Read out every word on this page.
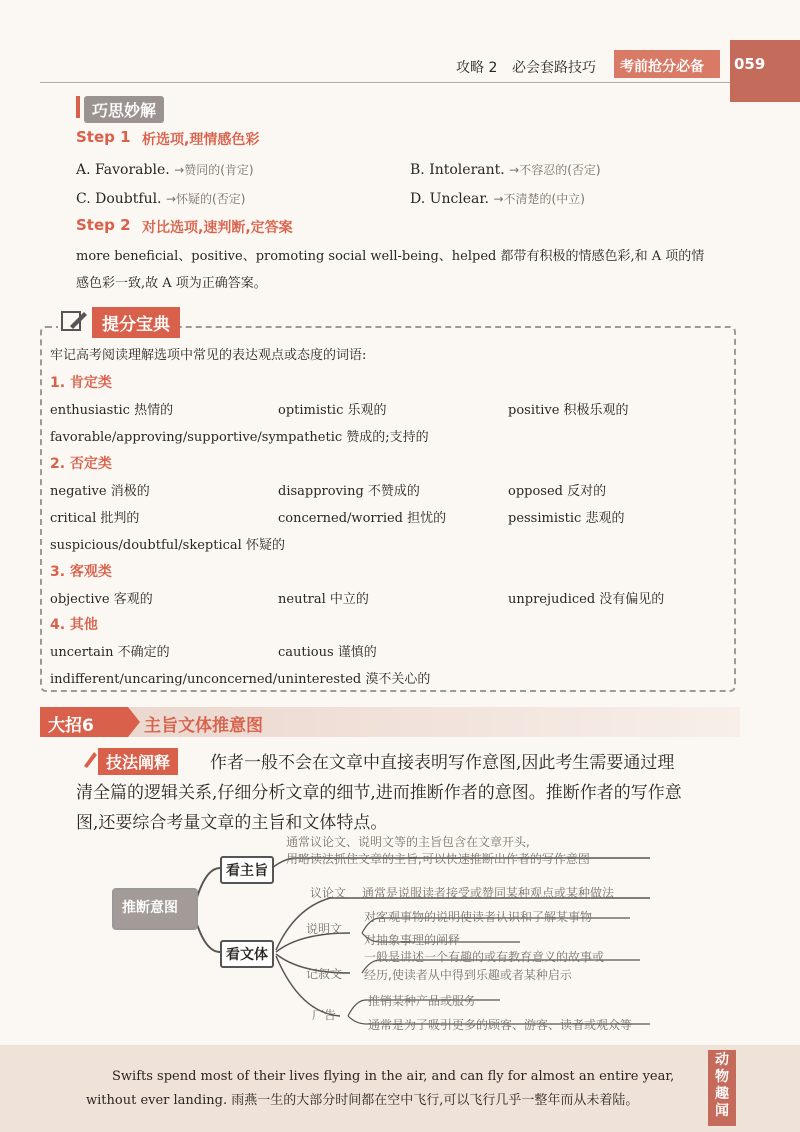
攻略 2 必会套路技巧 考前抢分必备 059
巧思妙解
Step 1 析选项,理情感色彩
A. Favorable. →赞同的(肯定)	B. Intolerant. →不容忍的(否定)
C. Doubtful. →怀疑的(否定)	D. Unclear. →不清楚的(中立)
Step 2 对比选项,速判断,定答案
more beneficial、positive、promoting social well-being、helped 都带有积极的情感色彩,和 A 项的情
感色彩一致,故 A 项为正确答案。
提分宝典
牢记高考阅读理解选项中常见的表达观点或态度的词语:
1. 肯定类
enthusiastic 热情的	optimistic 乐观的	positive 积极乐观的
favorable/approving/supportive/sympathetic 赞成的;支持的
2. 否定类
negative 消极的	disapproving 不赞成的	opposed 反对的
critical 批判的	concerned/worried 担忧的	pessimistic 悲观的
suspicious/doubtful/skeptical 怀疑的
3. 客观类
objective 客观的	neutral 中立的	unprejudiced 没有偏见的
4. 其他
uncertain 不确定的	cautious 谨慎的
indifferent/uncaring/unconcerned/uninterested 漠不关心的
大招6	主旨文体推意图
技法阐释	作者一般不会在文章中直接表明写作意图,因此考生需要通过理
清全篇的逻辑关系,仔细分析文章的细节,进而推断作者的意图。推断作者的写作意
图,还要综合考量文章的主旨和文体特点。
推断意图
看主旨
通常议论文、说明文等的主旨包含在文章开头,
用略读法抓住文章的主旨,可以快速推断出作者的写作意图
看文体
议论文 通常是说服读者接受或赞同某种观点或某种做法
说明文
对客观事物的说明使读者认识和了解某事物
对抽象事理的阐释
记叙文
一般是讲述一个有趣的或有教育意义的故事或
经历,使读者从中得到乐趣或者某种启示
广告
推销某种产品或服务
通常是为了吸引更多的顾客、游客、读者或观众等
Swifts spend most of their lives flying in the air, and can fly for almost an entire year,
without ever landing. 雨燕一生的大部分时间都在空中飞行,可以飞行几乎一整年而从未着陆。
动物趣闻
